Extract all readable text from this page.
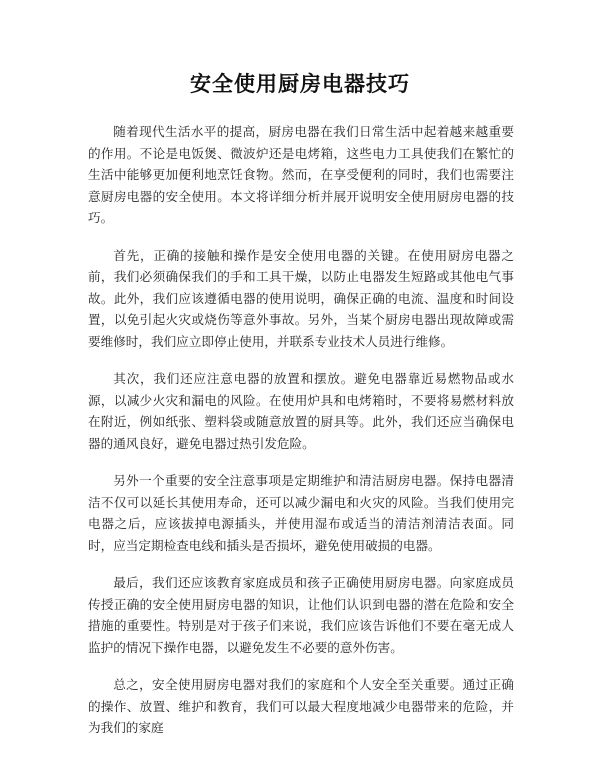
安全使用厨房电器技巧

随着现代生活水平的提高，厨房电器在我们日常生活中起着越来越重要的作用。不论是电饭煲、微波炉还是电烤箱，这些电力工具使我们在繁忙的生活中能够更加便利地烹饪食物。然而，在享受便利的同时，我们也需要注意厨房电器的安全使用。本文将详细分析并展开说明安全使用厨房电器的技巧。

首先，正确的接触和操作是安全使用电器的关键。在使用厨房电器之前，我们必须确保我们的手和工具干燥，以防止电器发生短路或其他电气事故。此外，我们应该遵循电器的使用说明，确保正确的电流、温度和时间设置，以免引起火灾或烧伤等意外事故。另外，当某个厨房电器出现故障或需要维修时，我们应立即停止使用，并联系专业技术人员进行维修。

其次，我们还应注意电器的放置和摆放。避免电器靠近易燃物品或水源，以减少火灾和漏电的风险。在使用炉具和电烤箱时，不要将易燃材料放在附近，例如纸张、塑料袋或随意放置的厨具等。此外，我们还应当确保电器的通风良好，避免电器过热引发危险。

另外一个重要的安全注意事项是定期维护和清洁厨房电器。保持电器清洁不仅可以延长其使用寿命，还可以减少漏电和火灾的风险。当我们使用完电器之后，应该拔掉电源插头，并使用湿布或适当的清洁剂清洁表面。同时，应当定期检查电线和插头是否损坏，避免使用破损的电器。

最后，我们还应该教育家庭成员和孩子正确使用厨房电器。向家庭成员传授正确的安全使用厨房电器的知识，让他们认识到电器的潜在危险和安全措施的重要性。特别是对于孩子们来说，我们应该告诉他们不要在毫无成人监护的情况下操作电器，以避免发生不必要的意外伤害。

总之，安全使用厨房电器对我们的家庭和个人安全至关重要。通过正确的操作、放置、维护和教育，我们可以最大程度地减少电器带来的危险，并为我们的家庭
